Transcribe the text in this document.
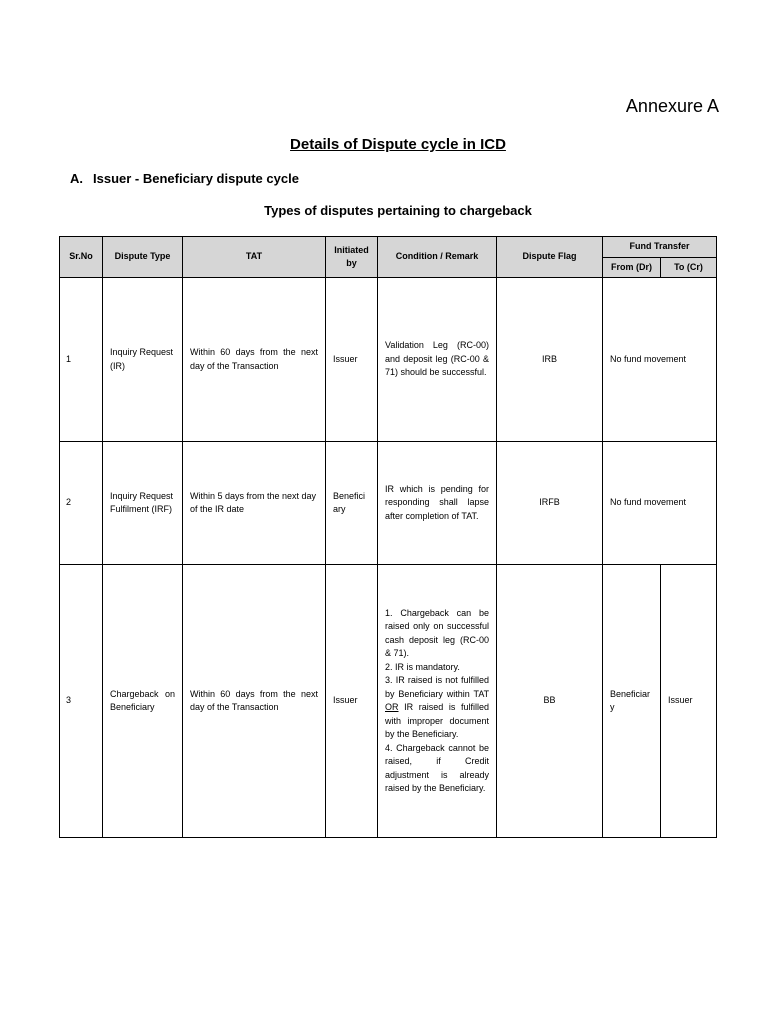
Annexure A
Details of Dispute cycle in ICD
A. Issuer - Beneficiary dispute cycle
Types of disputes pertaining to chargeback
Sr.No	Dispute Type	TAT	Initiated by	Condition / Remark	Dispute Flag	Fund Transfer	
						From (Dr)	To (Cr)
1	Inquiry Request (IR)	Within 60 days from the next day of the Transaction	Issuer	Validation Leg (RC-00) and deposit leg (RC-00 & 71) should be successful.	IRB	No fund movement	
2	Inquiry Request Fulfilment (IRF)	Within 5 days from the next day of the IR date	Beneficiary	IR which is pending for responding shall lapse after completion of TAT.	IRFB	No fund movement	
3	Chargeback on Beneficiary	Within 60 days from the next day of the Transaction	Issuer	1. Chargeback can be raised only on successful cash deposit leg (RC-00 & 71).

2. IR is mandatory.

3. IR raised is not fulfilled by Beneficiary within TAT OR IR raised is fulfilled with improper document by the Beneficiary.

4. Chargeback cannot be raised, if Credit adjustment is already raised by the Beneficiary.	BB	Beneficiary	Issuer
